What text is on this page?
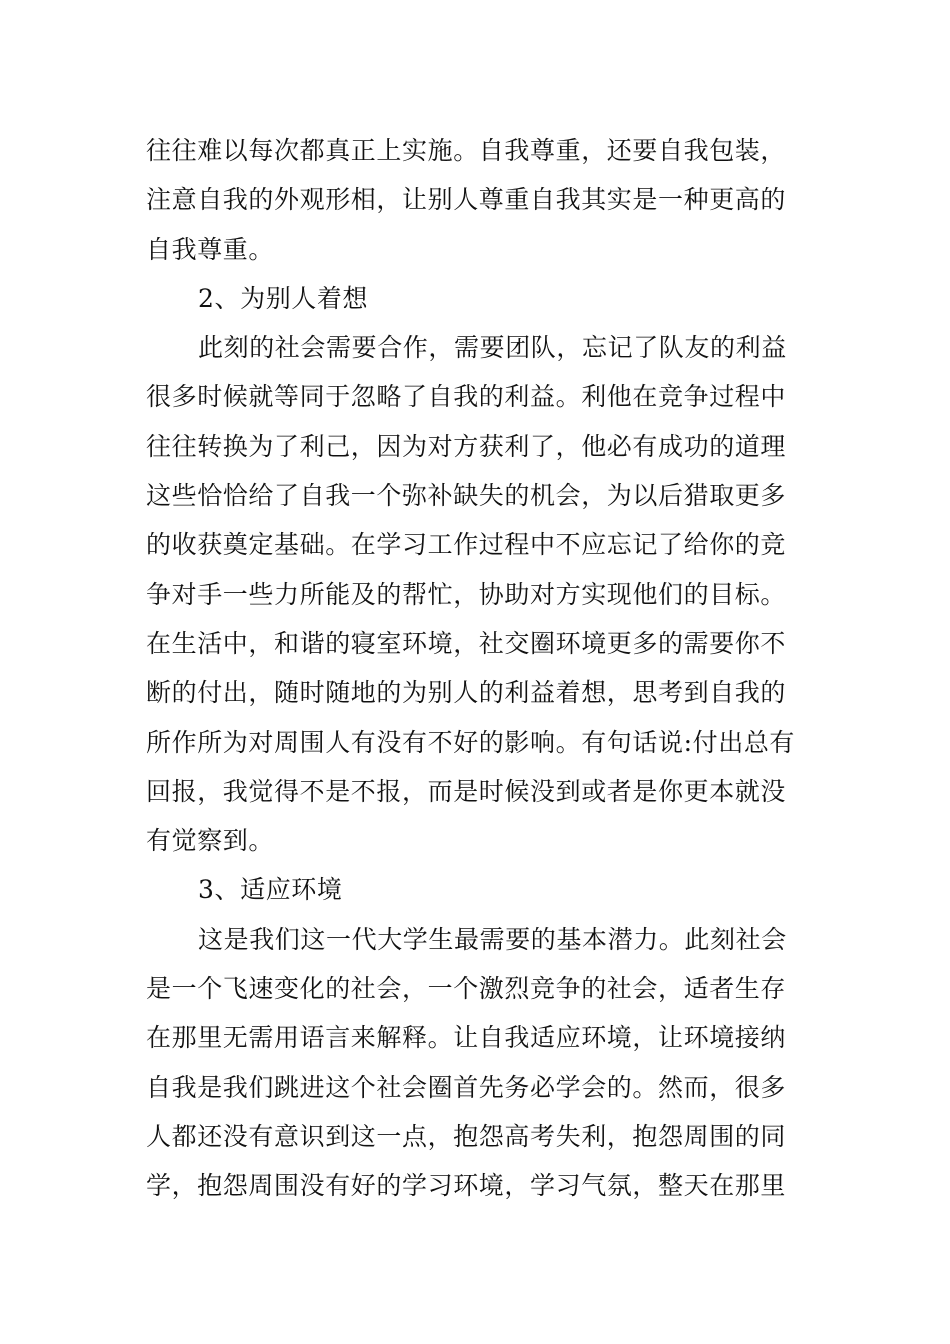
往往难以每次都真正上实施。自我尊重，还要自我包装，
注意自我的外观形相，让别人尊重自我其实是一种更高的
自我尊重。
2、为别人着想
此刻的社会需要合作，需要团队，忘记了队友的利益
很多时候就等同于忽略了自我的利益。利他在竞争过程中
往往转换为了利己，因为对方获利了，他必有成功的道理
这些恰恰给了自我一个弥补缺失的机会，为以后猎取更多
的收获奠定基础。在学习工作过程中不应忘记了给你的竞
争对手一些力所能及的帮忙，协助对方实现他们的目标。
在生活中，和谐的寝室环境，社交圈环境更多的需要你不
断的付出，随时随地的为别人的利益着想，思考到自我的
所作所为对周围人有没有不好的影响。有句话说:付出总有
回报，我觉得不是不报，而是时候没到或者是你更本就没
有觉察到。
3、适应环境
这是我们这一代大学生最需要的基本潜力。此刻社会
是一个飞速变化的社会，一个激烈竞争的社会，适者生存
在那里无需用语言来解释。让自我适应环境，让环境接纳
自我是我们跳进这个社会圈首先务必学会的。然而，很多
人都还没有意识到这一点，抱怨高考失利，抱怨周围的同
学，抱怨周围没有好的学习环境，学习气氛，整天在那里
